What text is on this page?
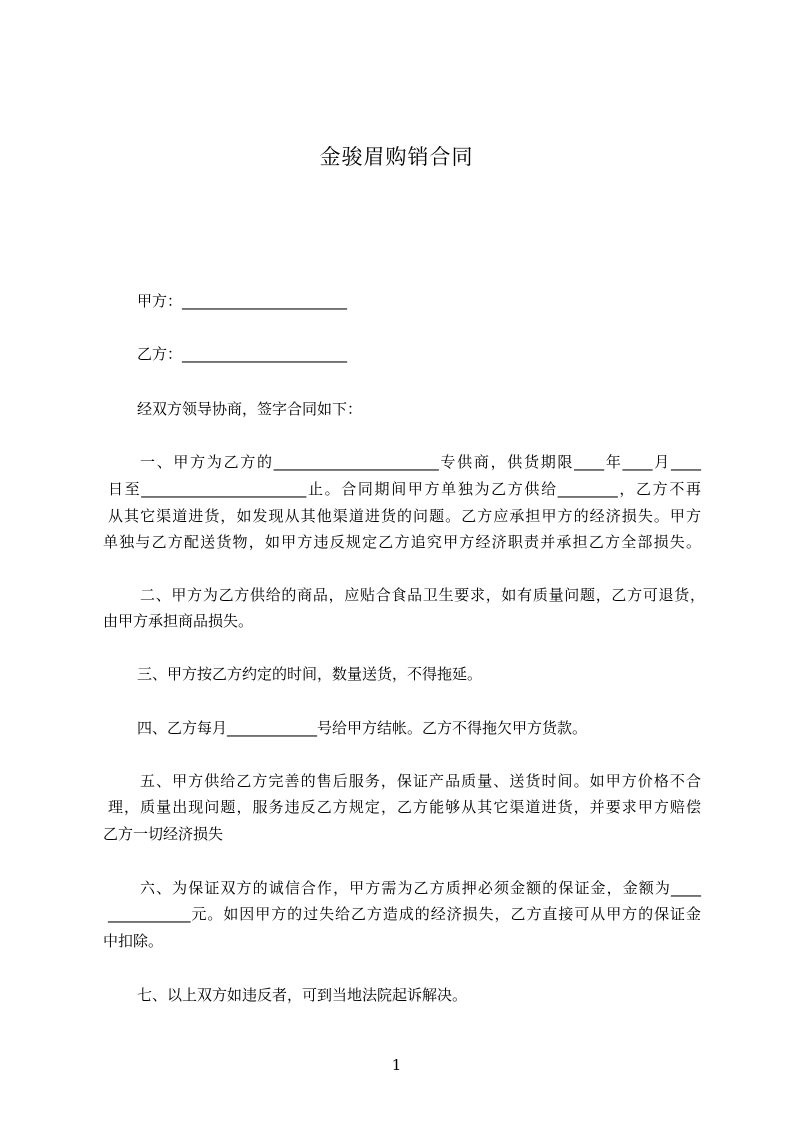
金骏眉购销合同
甲方：______________________
乙方：______________________
经双方领导协商，签字合同如下：
一、甲方为乙方的______________________专供商，供货期限____年____月____
日至______________________止。合同期间甲方单独为乙方供给________，乙方不再
从其它渠道进货，如发现从其他渠道进货的问题。乙方应承担甲方的经济损失。甲方
单独与乙方配送货物，如甲方违反规定乙方追究甲方经济职责并承担乙方全部损失。
二、甲方为乙方供给的商品，应贴合食品卫生要求，如有质量问题，乙方可退货，
由甲方承担商品损失。
三、甲方按乙方约定的时间，数量送货，不得拖延。
四、乙方每月____________号给甲方结帐。乙方不得拖欠甲方货款。
五、甲方供给乙方完善的售后服务，保证产品质量、送货时间。如甲方价格不合
理，质量出现问题，服务违反乙方规定，乙方能够从其它渠道进货，并要求甲方赔偿
乙方一切经济损失
六、为保证双方的诚信合作，甲方需为乙方质押必须金额的保证金，金额为____
___________元。如因甲方的过失给乙方造成的经济损失，乙方直接可从甲方的保证金
中扣除。
七、以上双方如违反者，可到当地法院起诉解决。
1
